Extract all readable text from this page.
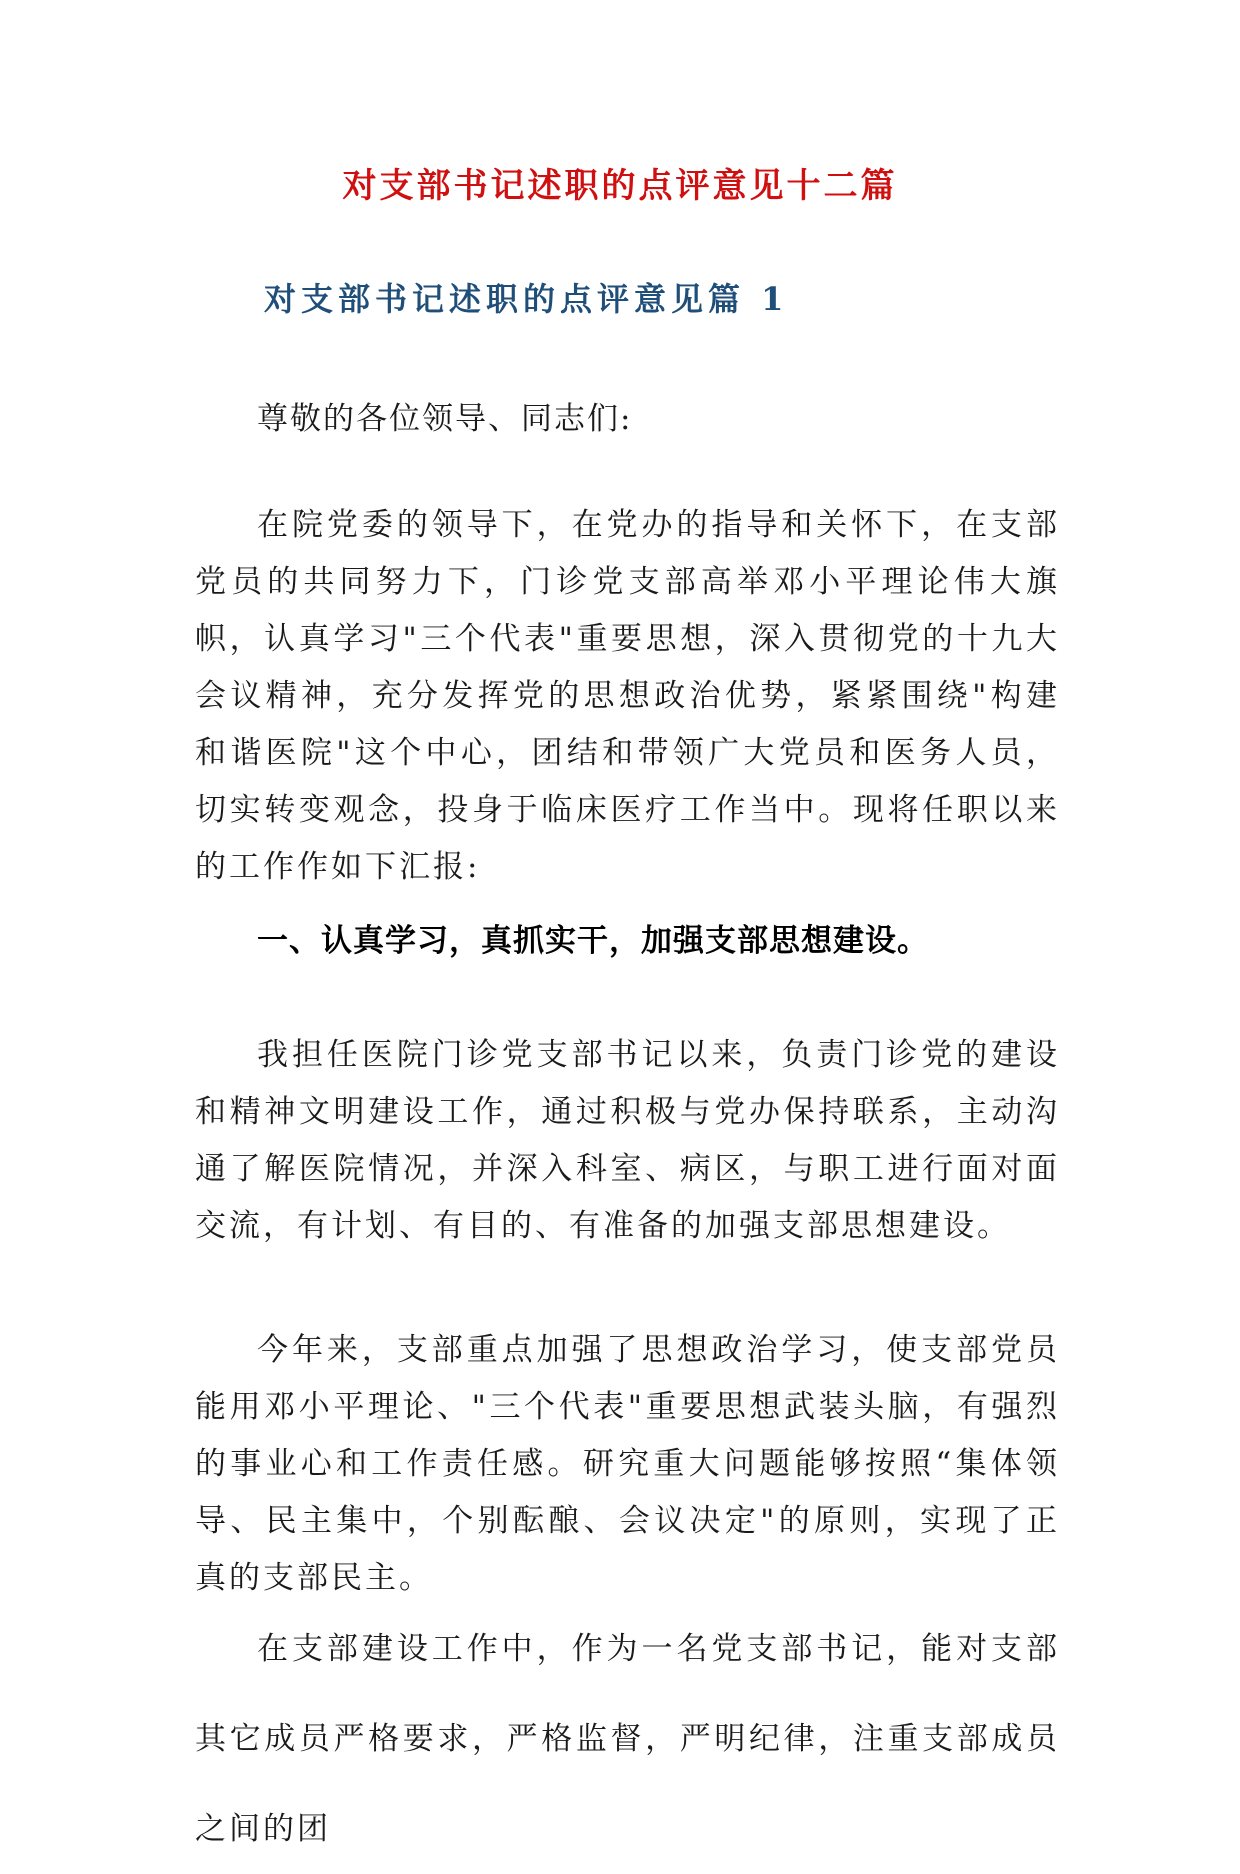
对支部书记述职的点评意见十二篇
对支部书记述职的点评意见篇 1

尊敬的各位领导、同志们:

在院党委的领导下，在党办的指导和关怀下，在支部党员的共同努力下，门诊党支部高举邓小平理论伟大旗帜，认真学习"三个代表"重要思想，深入贯彻党的十九大会议精神，充分发挥党的思想政治优势，紧紧围绕"构建和谐医院"这个中心，团结和带领广大党员和医务人员，切实转变观念，投身于临床医疗工作当中。现将任职以来的工作作如下汇报:

一、认真学习，真抓实干，加强支部思想建设。

我担任医院门诊党支部书记以来，负责门诊党的建设和精神文明建设工作，通过积极与党办保持联系，主动沟通了解医院情况，并深入科室、病区，与职工进行面对面交流，有计划、有目的、有准备的加强支部思想建设。

今年来，支部重点加强了思想政治学习，使支部党员能用邓小平理论、"三个代表"重要思想武装头脑，有强烈的事业心和工作责任感。研究重大问题能够按照“集体领导、民主集中，个别酝酿、会议决定"的原则，实现了正真的支部民主。

在支部建设工作中，作为一名党支部书记，能对支部其它成员严格要求，严格监督，严明纪律，注重支部成员之间的团
